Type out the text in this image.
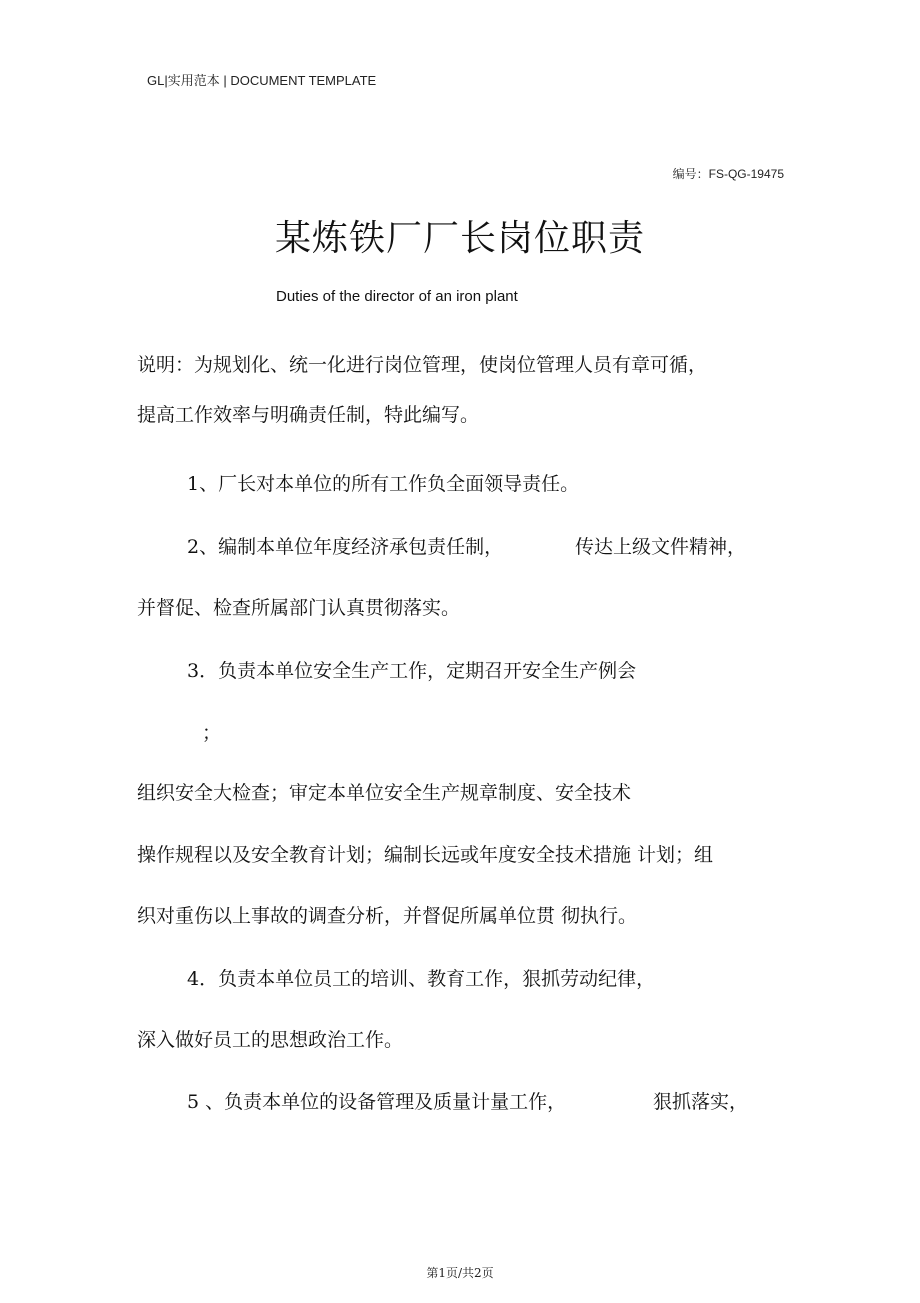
GL|实用范本 | DOCUMENT TEMPLATE
编号：FS-QG-19475
某炼铁厂厂长岗位职责
Duties of the director of an iron plant
说明：为规划化、统一化进行岗位管理，使岗位管理人员有章可循，
提高工作效率与明确责任制，特此编写。
1、厂长对本单位的所有工作负全面领导责任。
2、编制本单位年度经济承包责任制，	传达上级文件精神，
并督促、检查所属部门认真贯彻落实。
3．负责本单位安全生产工作，定期召开安全生产例会
；
组织安全大检查；审定本单位安全生产规章制度、安全技术
操作规程以及安全教育计划；编制长远或年度安全技术措施 计划；组
织对重伤以上事故的调查分析，并督促所属单位贯 彻执行。
4．负责本单位员工的培训、教育工作，狠抓劳动纪律，
深入做好员工的思想政治工作。
5 、负责本单位的设备管理及质量计量工作，	狠抓落实，
第1页/共2页
